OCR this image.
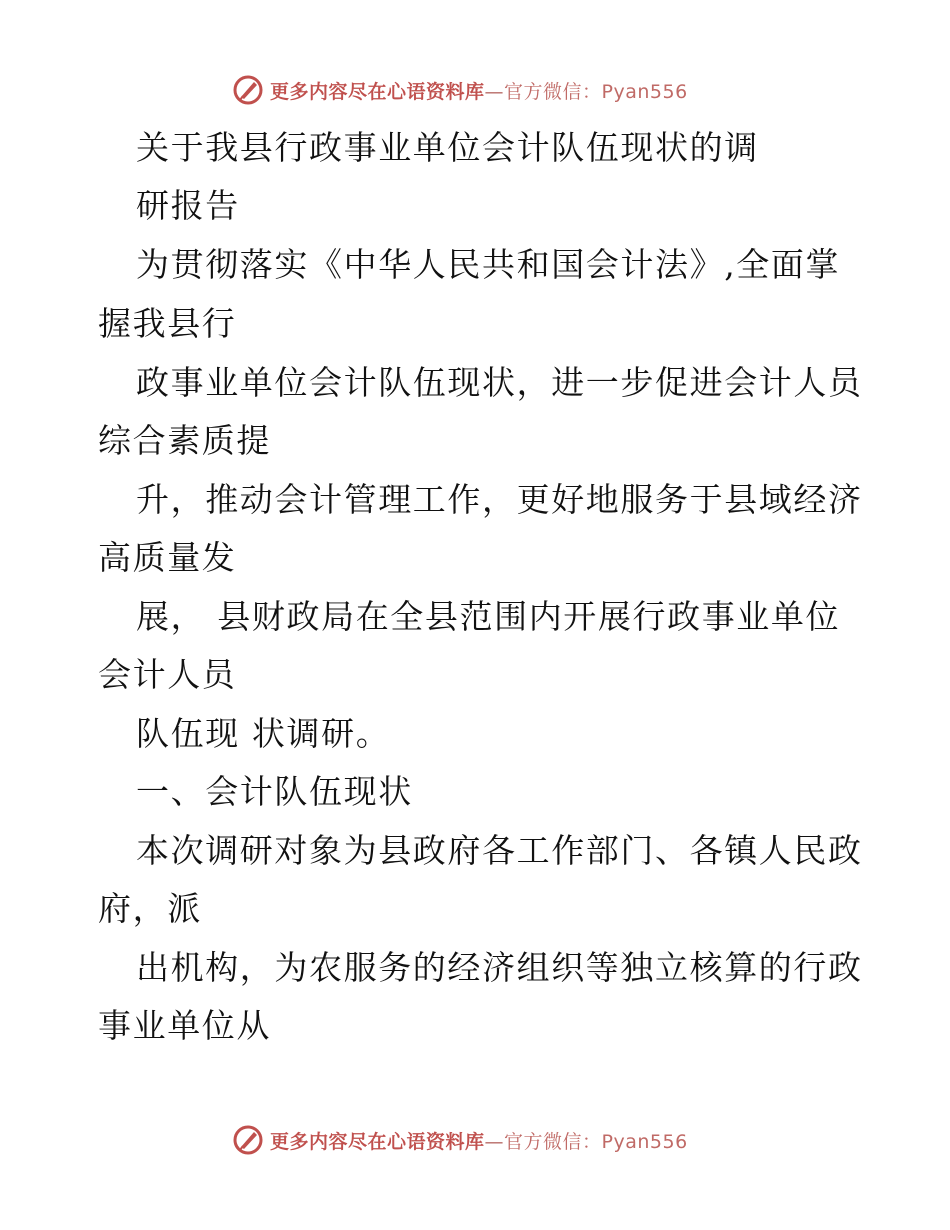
更多内容尽在心语资料库—官方微信：Pyan556
关于我县行政事业单位会计队伍现状的调
研报告
为贯彻落实《中华人民共和国会计法》,全面掌
握我县行
政事业单位会计队伍现状，进一步促进会计人员
综合素质提
升，推动会计管理工作，更好地服务于县域经济
高质量发
展， 县财政局在全县范围内开展行政事业单位
会计人员
队伍现 状调研。
一、会计队伍现状
本次调研对象为县政府各工作部门、各镇人民政
府，派
出机构，为农服务的经济组织等独立核算的行政
事业单位从
更多内容尽在心语资料库—官方微信：Pyan556
